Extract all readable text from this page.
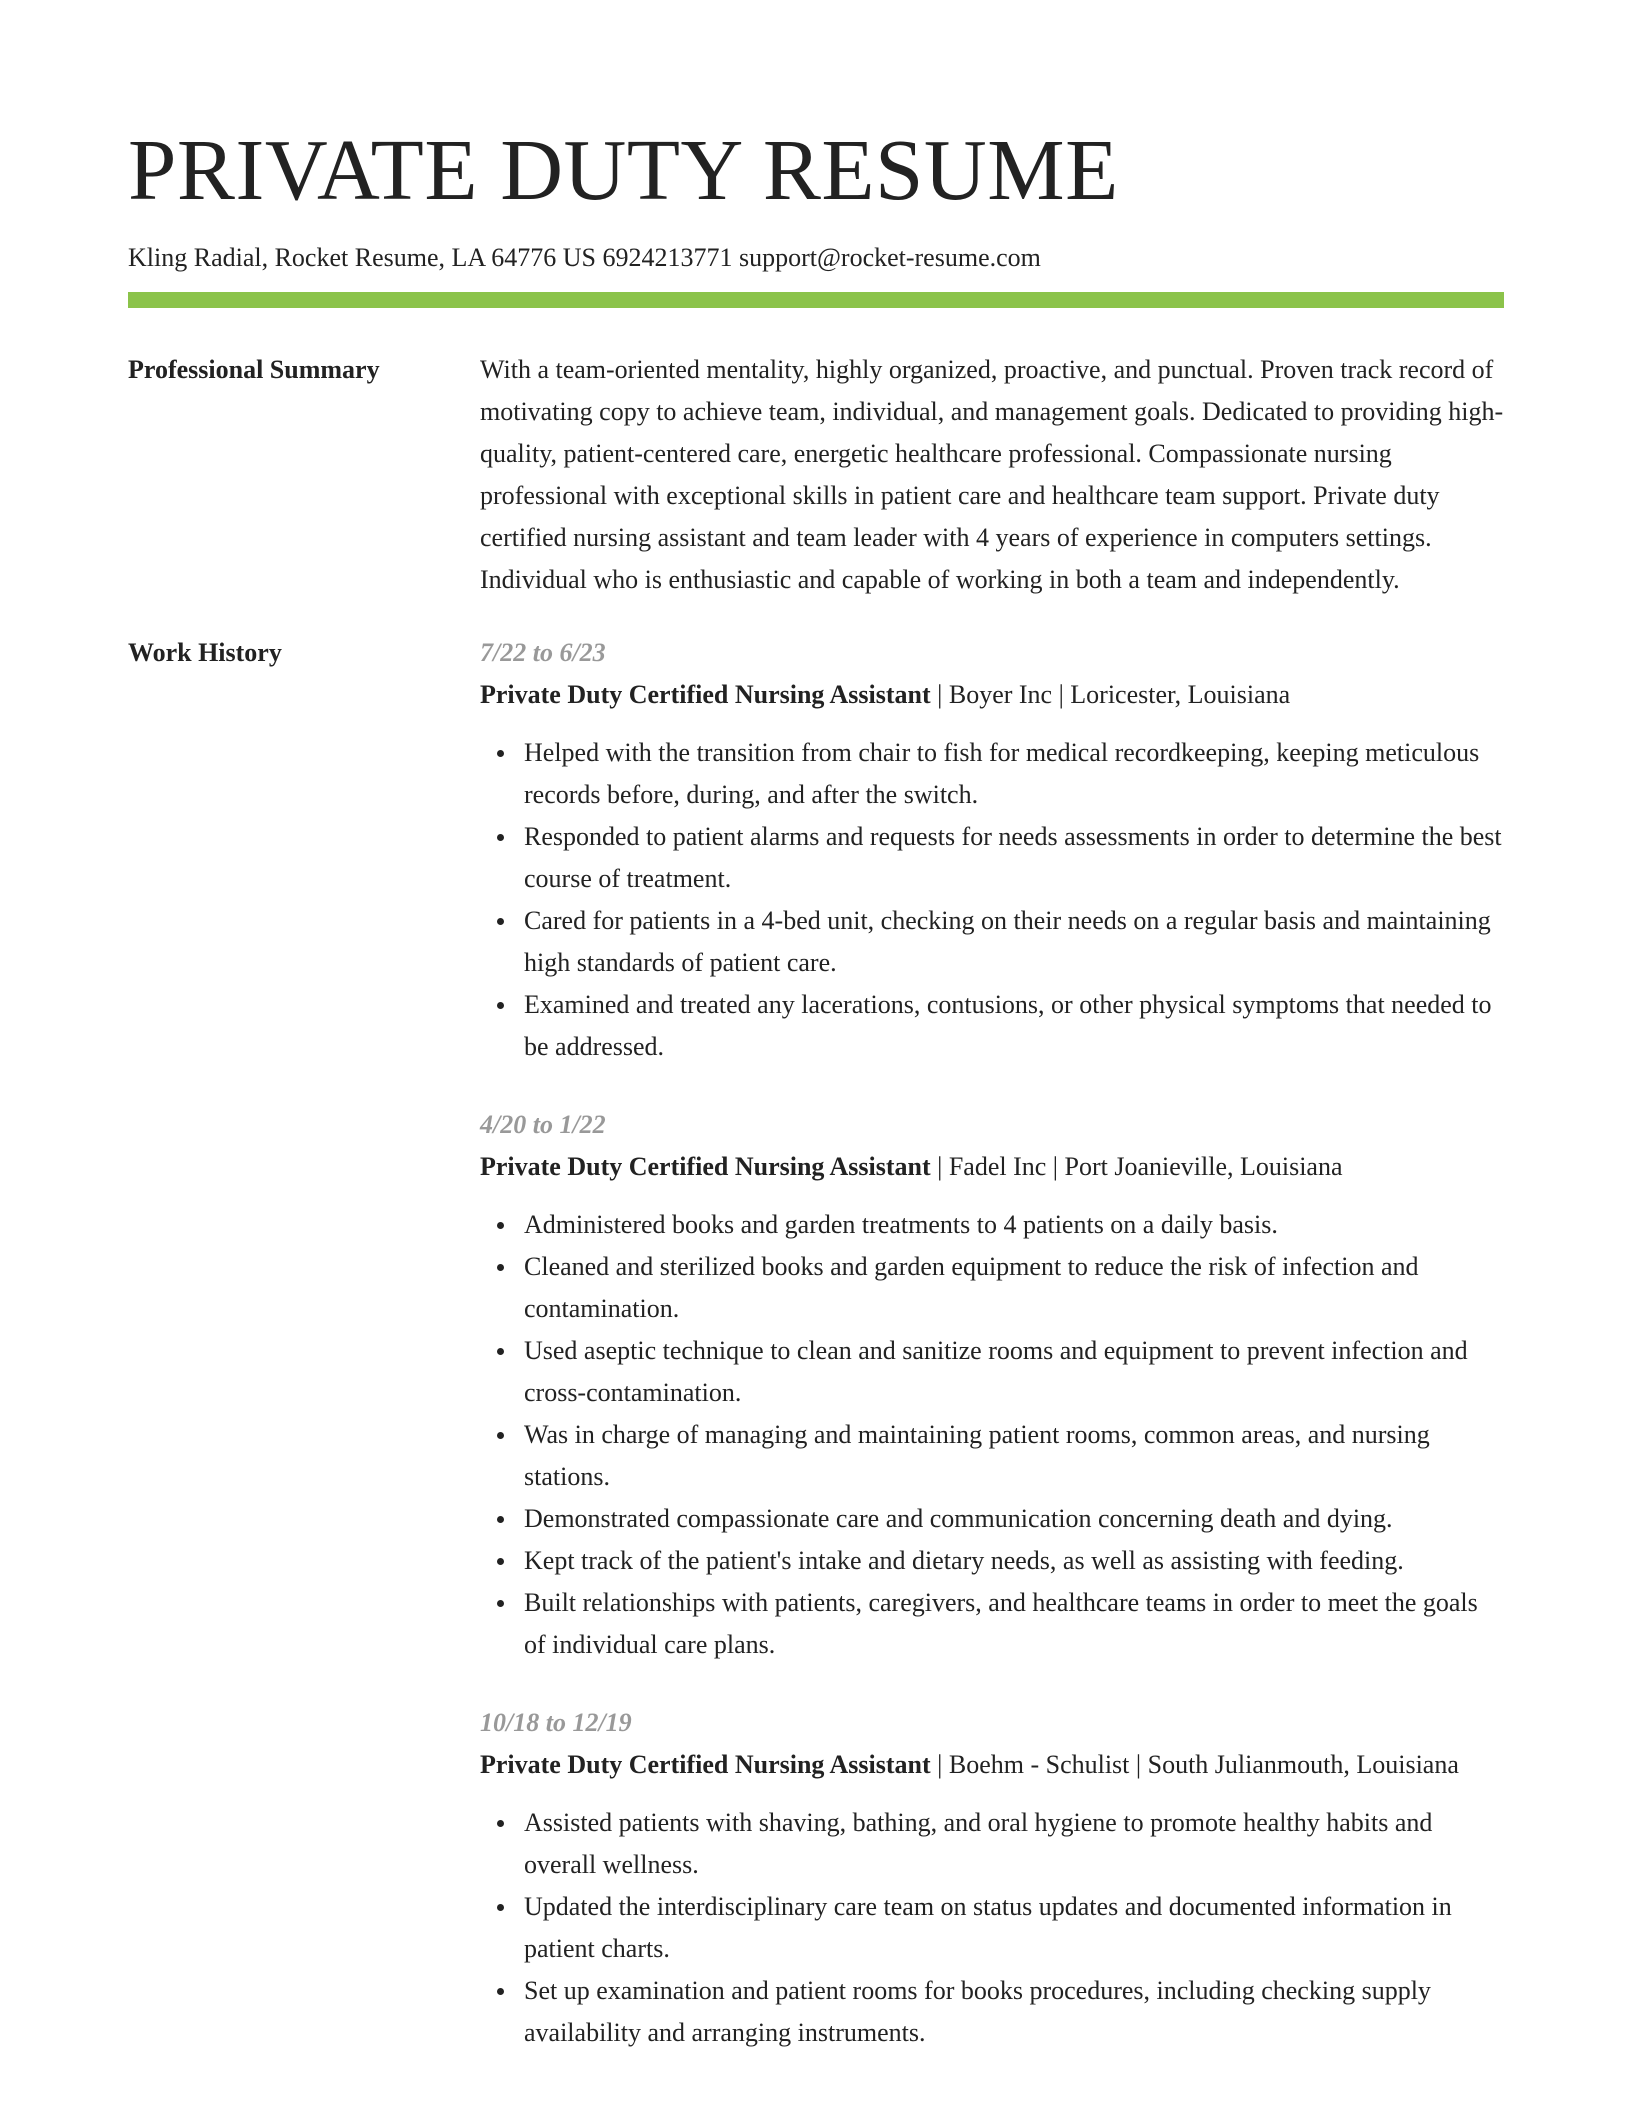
PRIVATE DUTY RESUME
Kling Radial, Rocket Resume, LA 64776 US 6924213771 support@rocket-resume.com
Professional Summary	With a team-oriented mentality, highly organized, proactive, and punctual. Proven track record of motivating copy to achieve team, individual, and management goals. Dedicated to providing high-quality, patient-centered care, energetic healthcare professional. Compassionate nursing professional with exceptional skills in patient care and healthcare team support. Private duty certified nursing assistant and team leader with 4 years of experience in computers settings. Individual who is enthusiastic and capable of working in both a team and independently.

Work History	7/22 to 6/23
Private Duty Certified Nursing Assistant | Boyer Inc | Loricester, Louisiana
Helped with the transition from chair to fish for medical recordkeeping, keeping meticulous records before, during, and after the switch.
Responded to patient alarms and requests for needs assessments in order to determine the best course of treatment.
Cared for patients in a 4-bed unit, checking on their needs on a regular basis and maintaining high standards of patient care.
Examined and treated any lacerations, contusions, or other physical symptoms that needed to be addressed.
4/20 to 1/22
Private Duty Certified Nursing Assistant | Fadel Inc | Port Joanieville, Louisiana
Administered books and garden treatments to 4 patients on a daily basis.
Cleaned and sterilized books and garden equipment to reduce the risk of infection and contamination.
Used aseptic technique to clean and sanitize rooms and equipment to prevent infection and cross-contamination.
Was in charge of managing and maintaining patient rooms, common areas, and nursing stations.
Demonstrated compassionate care and communication concerning death and dying.
Kept track of the patient's intake and dietary needs, as well as assisting with feeding.
Built relationships with patients, caregivers, and healthcare teams in order to meet the goals of individual care plans.
10/18 to 12/19
Private Duty Certified Nursing Assistant | Boehm - Schulist | South Julianmouth, Louisiana
Assisted patients with shaving, bathing, and oral hygiene to promote healthy habits and overall wellness.
Updated the interdisciplinary care team on status updates and documented information in patient charts.
Set up examination and patient rooms for books procedures, including checking supply availability and arranging instruments.
